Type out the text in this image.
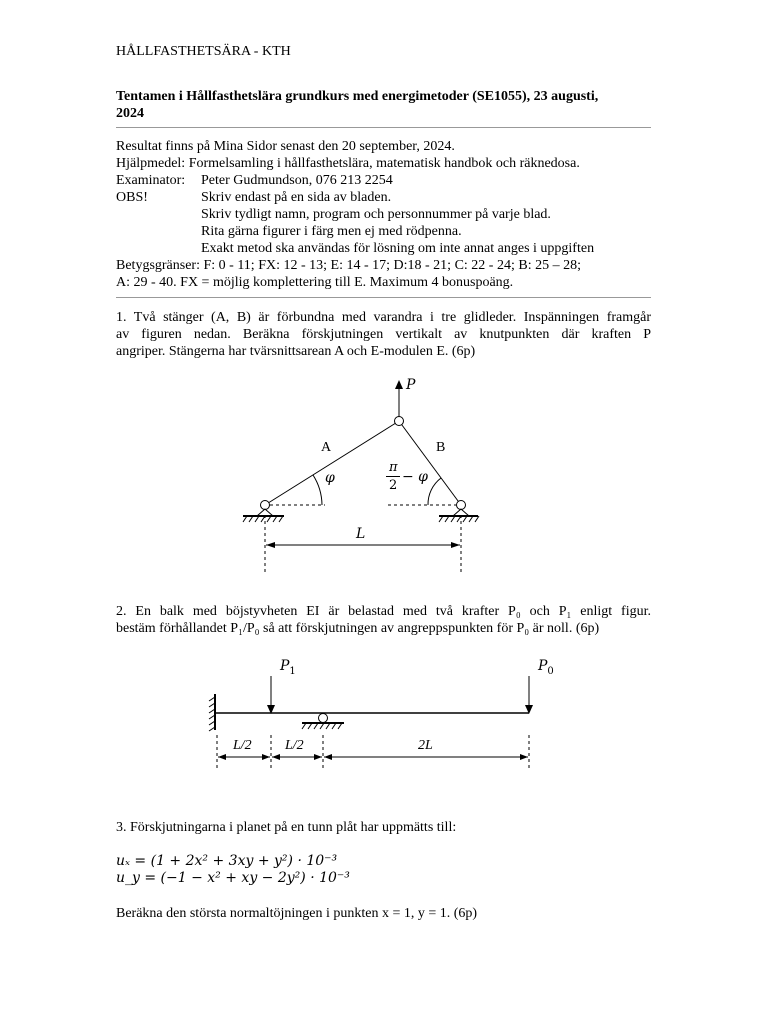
HÅLLFASTHETSÄRA - KTH
Tentamen i Hållfasthetslära grundkurs med energimetoder (SE1055), 23 augusti,
2024
Resultat finns på Mina Sidor senast den 20 september, 2024.
Hjälpmedel: Formelsamling i hållfasthetslära, matematisk handbok och räknedosa.
Examinator: Peter Gudmundson, 076 213 2254
OBS!	Skriv endast på en sida av bladen.
Skriv tydligt namn, program och personnummer på varje blad.
Rita gärna figurer i färg men ej med rödpenna.
Exakt metod ska användas för lösning om inte annat anges i uppgiften
Betygsgränser: F: 0 - 11; FX: 12 - 13; E: 14 - 17; D:18 - 21; C: 22 - 24; B: 25 – 28;
A: 29 - 40. FX = möjlig komplettering till E. Maximum 4 bonuspoäng.
1. Två stänger (A, B) är förbundna med varandra i tre glidleder. Inspänningen framgår
av figuren nedan. Beräkna förskjutningen vertikalt av knutpunkten där kraften P
angriper. Stängerna har tvärsnittsarean A och E-modulen E. (6p)
P
A	B
φ
π
2
− φ
L
2. En balk med böjstyvheten EI är belastad med två krafter P₀ och P₁ enligt figur.
bestäm förhållandet P₁/P₀ så att förskjutningen av angreppspunkten för P₀ är noll. (6p)
$P_1$	$P_0$
L/2 L/2	2L
3. Förskjutningarna i planet på en tunn plåt har uppmätts till:
uₓ = (1 + 2x² + 3xy + y²) · 10⁻³
u_y = (−1 − x² + xy − 2y²) · 10⁻³
Beräkna den största normaltöjningen i punkten x = 1, y = 1. (6p)
